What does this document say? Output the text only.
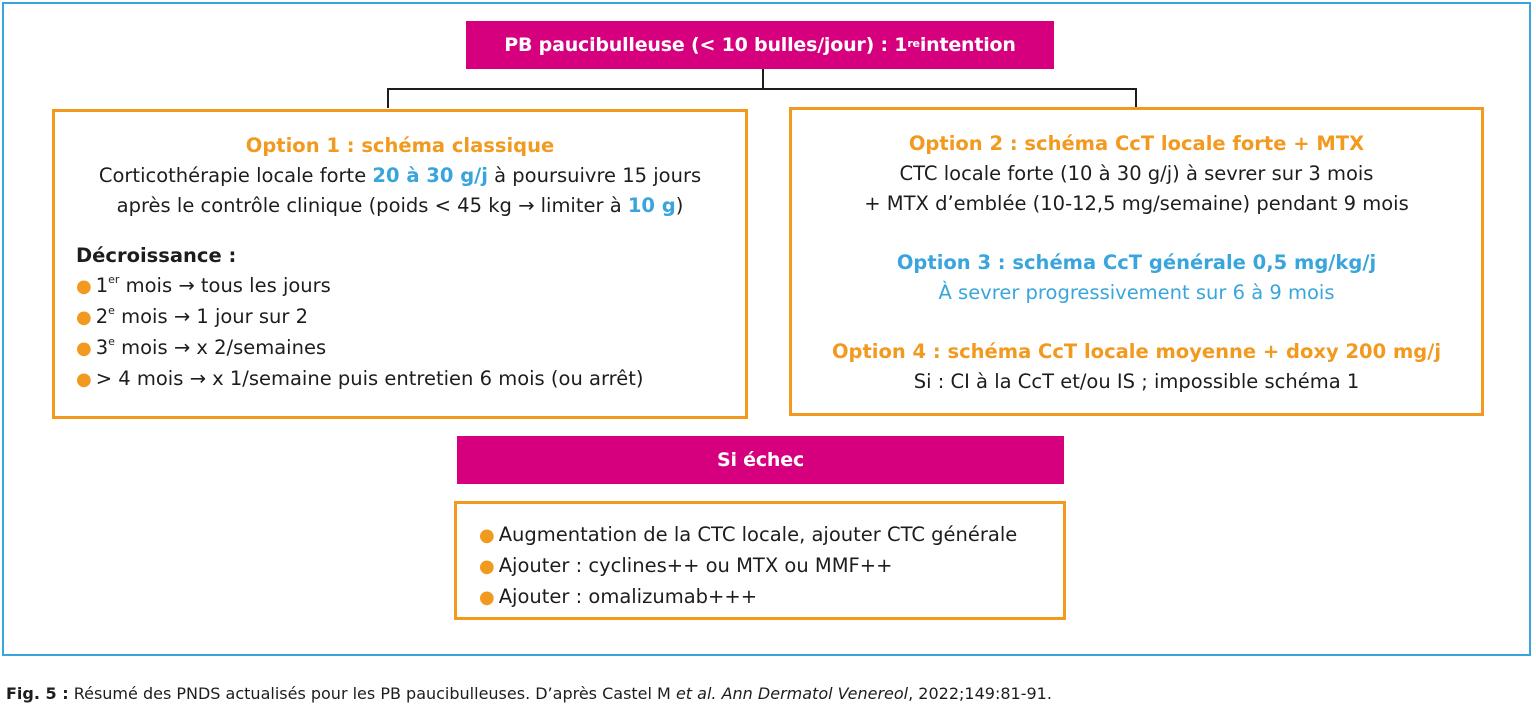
PB paucibulleuse (< 10 bulles/jour) : 1re intention

Option 1 : schéma classique

Corticothérapie locale forte 20 à 30 g/j à poursuivre 15 jours

après le contrôle clinique (poids < 45 kg → limiter à 10 g)

Décroissance :

● 1er mois → tous les jours

● 2e mois → 1 jour sur 2

● 3e mois → x 2/semaines

● > 4 mois → x 1/semaine puis entretien 6 mois (ou arrêt)

Option 2 : schéma CcT locale forte + MTX

CTC locale forte (10 à 30 g/j) à sevrer sur 3 mois

+ MTX d’emblée (10-12,5 mg/semaine) pendant 9 mois

Option 3 : schéma CcT générale 0,5 mg/kg/j

À sevrer progressivement sur 6 à 9 mois

Option 4 : schéma CcT locale moyenne + doxy 200 mg/j

Si : CI à la CcT et/ou IS ; impossible schéma 1

Si échec

● Augmentation de la CTC locale, ajouter CTC générale

● Ajouter : cyclines++ ou MTX ou MMF++

● Ajouter : omalizumab+++

Fig. 5 : Résumé des PNDS actualisés pour les PB paucibulleuses. D’après Castel M et al. Ann Dermatol Venereol, 2022;149:81-91.
